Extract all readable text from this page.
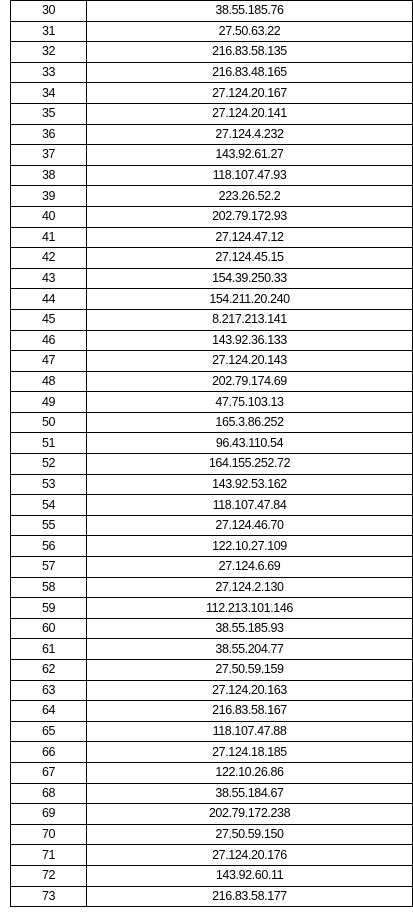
30	38.55.185.76
31	27.50.63.22
32	216.83.58.135
33	216.83.48.165
34	27.124.20.167
35	27.124.20.141
36	27.124.4.232
37	143.92.61.27
38	118.107.47.93
39	223.26.52.2
40	202.79.172.93
41	27.124.47.12
42	27.124.45.15
43	154.39.250.33
44	154.211.20.240
45	8.217.213.141
46	143.92.36.133
47	27.124.20.143
48	202.79.174.69
49	47.75.103.13
50	165.3.86.252
51	96.43.110.54
52	164.155.252.72
53	143.92.53.162
54	118.107.47.84
55	27.124.46.70
56	122.10.27.109
57	27.124.6.69
58	27.124.2.130
59	112.213.101.146
60	38.55.185.93
61	38.55.204.77
62	27.50.59.159
63	27.124.20.163
64	216.83.58.167
65	118.107.47.88
66	27.124.18.185
67	122.10.26.86
68	38.55.184.67
69	202.79.172.238
70	27.50.59.150
71	27.124.20.176
72	143.92.60.11
73	216.83.58.177
